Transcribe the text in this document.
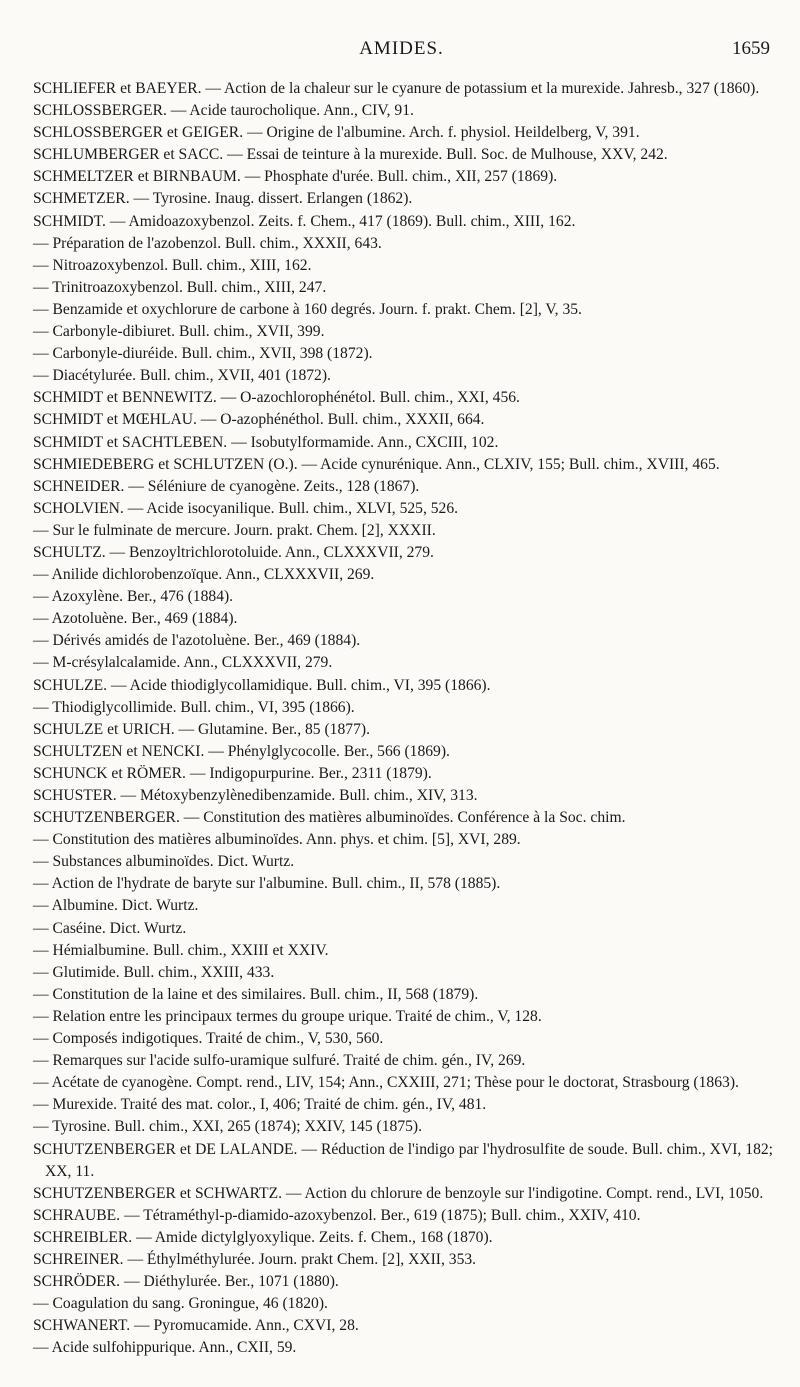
AMIDES.	1659
SCHLIEFER et BAEYER. — Action de la chaleur sur le cyanure de potassium et la murexide. Jahresb., 327 (1860).
SCHLOSSBERGER. — Acide taurocholique. Ann., CIV, 91.
SCHLOSSBERGER et GEIGER. — Origine de l'albumine. Arch. f. physiol. Heildelberg, V, 391.
SCHLUMBERGER et SACC. — Essai de teinture à la murexide. Bull. Soc. de Mulhouse, XXV, 242.
SCHMELTZER et BIRNBAUM. — Phosphate d'urée. Bull. chim., XII, 257 (1869).
SCHMETZER. — Tyrosine. Inaug. dissert. Erlangen (1862).
SCHMIDT. — Amidoazoxybenzol. Zeits. f. Chem., 417 (1869). Bull. chim., XIII, 162.
— Préparation de l'azobenzol. Bull. chim., XXXII, 643.
— Nitroazoxybenzol. Bull. chim., XIII, 162.
— Trinitroazoxybenzol. Bull. chim., XIII, 247.
— Benzamide et oxychlorure de carbone à 160 degrés. Journ. f. prakt. Chem. [2], V, 35.
— Carbonyle-dibiuret. Bull. chim., XVII, 399.
— Carbonyle-diuréide. Bull. chim., XVII, 398 (1872).
— Diacétylurée. Bull. chim., XVII, 401 (1872).
SCHMIDT et BENNEWITZ. — O-azochlorophénétol. Bull. chim., XXI, 456.
SCHMIDT et MŒHLAU. — O-azophénéthol. Bull. chim., XXXII, 664.
SCHMIDT et SACHTLEBEN. — Isobutylformamide. Ann., CXCIII, 102.
SCHMIEDEBERG et SCHLUTZEN (O.). — Acide cynurénique. Ann., CLXIV, 155; Bull. chim., XVIII, 465.
SCHNEIDER. — Séléniure de cyanogène. Zeits., 128 (1867).
SCHOLVIEN. — Acide isocyanilique. Bull. chim., XLVI, 525, 526.
— Sur le fulminate de mercure. Journ. prakt. Chem. [2], XXXII.
SCHULTZ. — Benzoyltrichlorotoluide. Ann., CLXXXVII, 279.
— Anilide dichlorobenzoïque. Ann., CLXXXVII, 269.
— Azoxylène. Ber., 476 (1884).
— Azotoluène. Ber., 469 (1884).
— Dérivés amidés de l'azotoluène. Ber., 469 (1884).
— M-crésylalcalamide. Ann., CLXXXVII, 279.
SCHULZE. — Acide thiodiglycollamidique. Bull. chim., VI, 395 (1866).
— Thiodiglycollimide. Bull. chim., VI, 395 (1866).
SCHULZE et URICH. — Glutamine. Ber., 85 (1877).
SCHULTZEN et NENCKI. — Phénylglycocolle. Ber., 566 (1869).
SCHUNCK et RÖMER. — Indigopurpurine. Ber., 2311 (1879).
SCHUSTER. — Métoxybenzylènedibenzamide. Bull. chim., XIV, 313.
SCHUTZENBERGER. — Constitution des matières albuminoïdes. Conférence à la Soc. chim.
— Constitution des matières albuminoïdes. Ann. phys. et chim. [5], XVI, 289.
— Substances albuminoïdes. Dict. Wurtz.
— Action de l'hydrate de baryte sur l'albumine. Bull. chim., II, 578 (1885).
— Albumine. Dict. Wurtz.
— Caséine. Dict. Wurtz.
— Hémialbumine. Bull. chim., XXIII et XXIV.
— Glutimide. Bull. chim., XXIII, 433.
— Constitution de la laine et des similaires. Bull. chim., II, 568 (1879).
— Relation entre les principaux termes du groupe urique. Traité de chim., V, 128.
— Composés indigotiques. Traité de chim., V, 530, 560.
— Remarques sur l'acide sulfo-uramique sulfuré. Traité de chim. gén., IV, 269.
— Acétate de cyanogène. Compt. rend., LIV, 154; Ann., CXXIII, 271; Thèse pour le doctorat, Strasbourg (1863).
— Murexide. Traité des mat. color., I, 406; Traité de chim. gén., IV, 481.
— Tyrosine. Bull. chim., XXI, 265 (1874); XXIV, 145 (1875).
SCHUTZENBERGER et DE LALANDE. — Réduction de l'indigo par l'hydrosulfite de soude. Bull. chim., XVI, 182; XX, 11.
SCHUTZENBERGER et SCHWARTZ. — Action du chlorure de benzoyle sur l'indigotine. Compt. rend., LVI, 1050.
SCHRAUBE. — Tétraméthyl-p-diamido-azoxybenzol. Ber., 619 (1875); Bull. chim., XXIV, 410.
SCHREIBLER. — Amide dictylglyoxylique. Zeits. f. Chem., 168 (1870).
SCHREINER. — Éthylméthylurée. Journ. prakt Chem. [2], XXII, 353.
SCHRÖDER. — Diéthylurée. Ber., 1071 (1880).
— Coagulation du sang. Groningue, 46 (1820).
SCHWANERT. — Pyromucamide. Ann., CXVI, 28.
— Acide sulfohippurique. Ann., CXII, 59.
